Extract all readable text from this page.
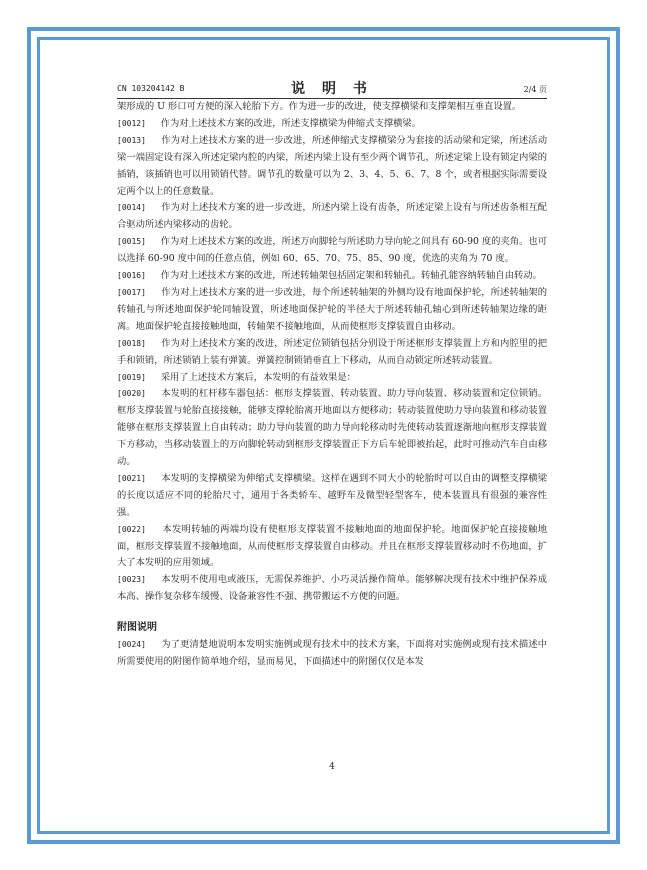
CN 103204142 B	说 明 书	2/4 页

架形成的 U 形口可方便的深入轮胎下方。作为进一步的改进，使支撑横梁和支撑架相互垂直设置。

[0012] 作为对上述技术方案的改进，所述支撑横梁为伸缩式支撑横梁。

[0013] 作为对上述技术方案的进一步改进，所述伸缩式支撑横梁分为套接的活动梁和定梁，所述活动梁一端固定设有深入所述定梁内腔的内梁，所述内梁上设有至少两个调节孔，所述定梁上设有锁定内梁的插销，该插销也可以用锁销代替。调节孔的数量可以为 2、3、4、5、6、7、8 个，或者根据实际需要设定两个以上的任意数量。

[0014] 作为对上述技术方案的进一步改进，所述内梁上设有齿条，所述定梁上设有与所述齿条相互配合驱动所述内梁移动的齿轮。

[0015] 作为对上述技术方案的改进，所述万向脚轮与所述助力导向轮之间具有 60-90 度的夹角。也可以选择 60-90 度中间的任意点值，例如 60、65、70、75、85、90 度，优选的夹角为 70 度。

[0016] 作为对上述技术方案的改进，所述转轴架包括固定架和转轴孔。转轴孔能容纳转轴自由转动。

[0017] 作为对上述技术方案的进一步改进，每个所述转轴架的外侧均设有地面保护轮，所述转轴架的转轴孔与所述地面保护轮同轴设置，所述地面保护轮的半径大于所述转轴孔轴心到所述转轴架边缘的距离。地面保护轮直接接触地面，转轴架不接触地面，从而使框形支撑装置自由移动。

[0018] 作为对上述技术方案的改进，所述定位锁销包括分别设于所述框形支撑装置上方和内腔里的把手和锁销，所述锁销上装有弹簧。弹簧控制锁销垂直上下移动，从而自动锁定所述转动装置。

[0019] 采用了上述技术方案后，本发明的有益效果是：

[0020] 本发明的杠杆移车器包括：框形支撑装置、转动装置、助力导向装置、移动装置和定位锁销。框形支撑装置与轮胎直接接触，能够支撑轮胎离开地面以方便移动；转动装置使助力导向装置和移动装置能够在框形支撑装置上自由转动；助力导向装置的助力导向轮移动时先使转动装置逐渐地向框形支撑装置下方移动，当移动装置上的万向脚轮转动到框形支撑装置正下方后车轮即被抬起，此时可推动汽车自由移动。

[0021] 本发明的支撑横梁为伸缩式支撑横梁。这样在遇到不同大小的轮胎时可以自由的调整支撑横梁的长度以适应不同的轮胎尺寸，通用于各类轿车、越野车及微型轻型客车，使本装置具有很强的兼容性强。

[0022] 本发明转轴的两端均设有使框形支撑装置不接触地面的地面保护轮。地面保护轮直接接触地面，框形支撑装置不接触地面，从而使框形支撑装置自由移动。并且在框形支撑装置移动时不伤地面，扩大了本发明的应用领域。

[0023] 本发明不使用电或液压，无需保养维护、小巧灵活操作简单。能够解决现有技术中维护保养成本高、操作复杂移车缓慢、设备兼容性不强、携带搬运不方便的问题。

附图说明

[0024] 为了更清楚地说明本发明实施例或现有技术中的技术方案，下面将对实施例或现有技术描述中所需要使用的附图作简单地介绍，显而易见，下面描述中的附图仅仅是本发

4
